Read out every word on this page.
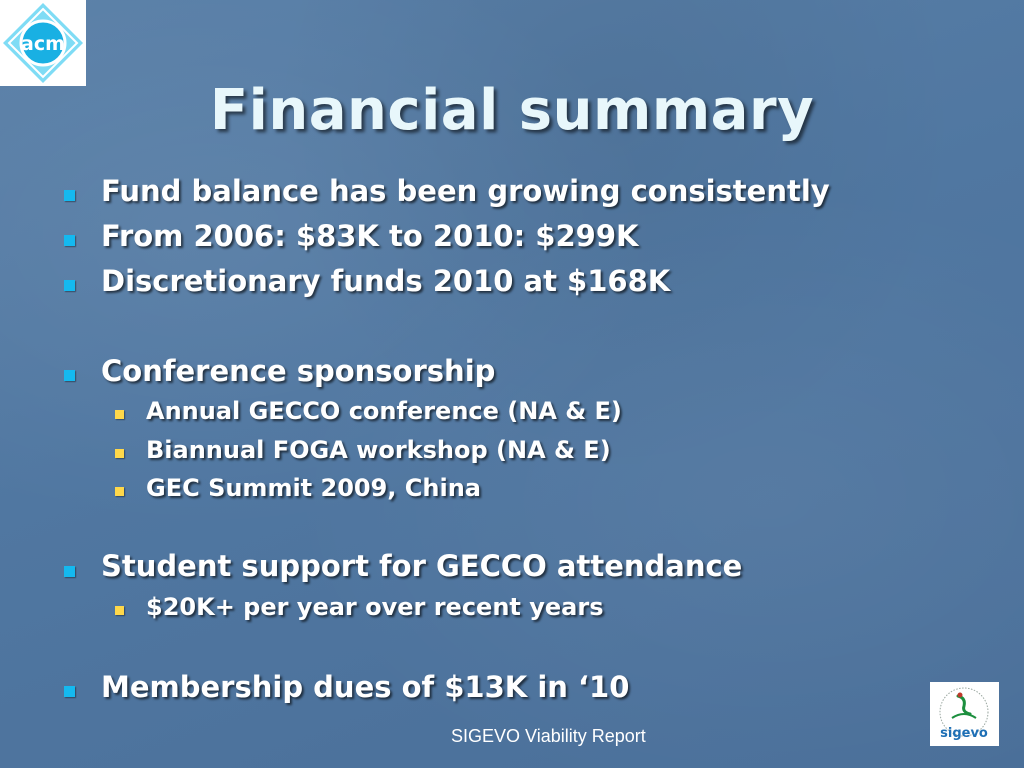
acm
Financial summary
Fund balance has been growing consistently
From 2006: $83K to 2010: $299K
Discretionary funds 2010 at $168K
Conference sponsorship
Annual GECCO conference (NA & E)
Biannual FOGA workshop (NA & E)
GEC Summit 2009, China
Student support for GECCO attendance
$20K+ per year over recent years
Membership dues of $13K in ‘10
SIGEVO Viability Report	sigevo
